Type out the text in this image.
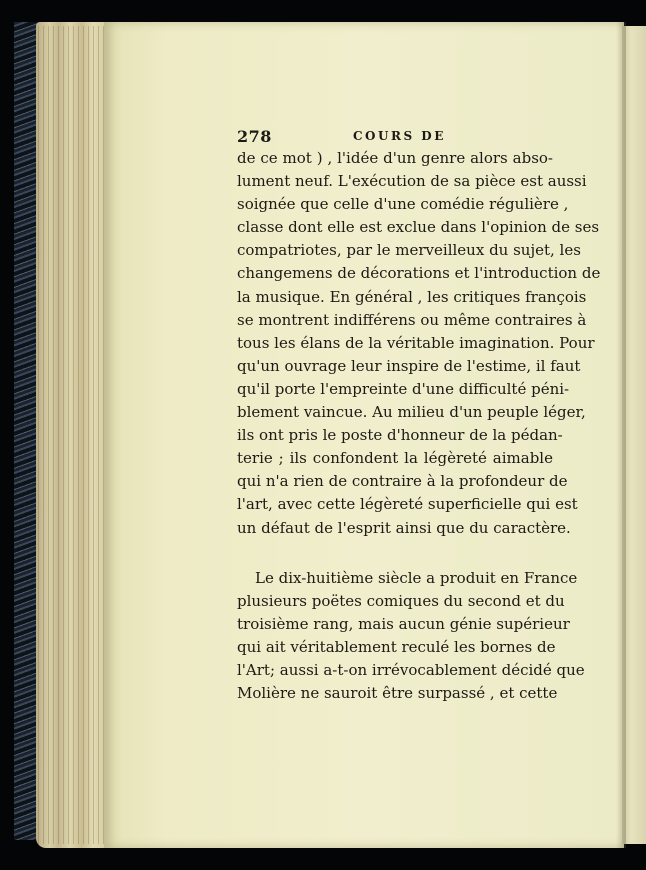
278	COURS DE

de ce mot ) , l'idée d'un genre alors abso-
lument neuf. L'exécution de sa pièce est aussi
soignée que celle d'une comédie régulière ,
classe dont elle est exclue dans l'opinion de ses
compatriotes, par le merveilleux du sujet, les
changemens de décorations et l'introduction de
la musique. En général , les critiques françois
se montrent indifférens ou même contraires à
tous les élans de la véritable imagination. Pour
qu'un ouvrage leur inspire de l'estime, il faut
qu'il porte l'empreinte d'une difficulté péni-
blement vaincue. Au milieu d'un peuple léger,
ils ont pris le poste d'honneur de la pédan-
terie ; ils confondent la légèreté aimable
qui n'a rien de contraire à la profondeur de
l'art, avec cette légèreté superficielle qui est
un défaut de l'esprit ainsi que du caractère.

Le dix-huitième siècle a produit en France
plusieurs poëtes comiques du second et du
troisième rang, mais aucun génie supérieur
qui ait véritablement reculé les bornes de
l'Art; aussi a-t-on irrévocablement décidé que
Molière ne sauroit être surpassé , et cette
